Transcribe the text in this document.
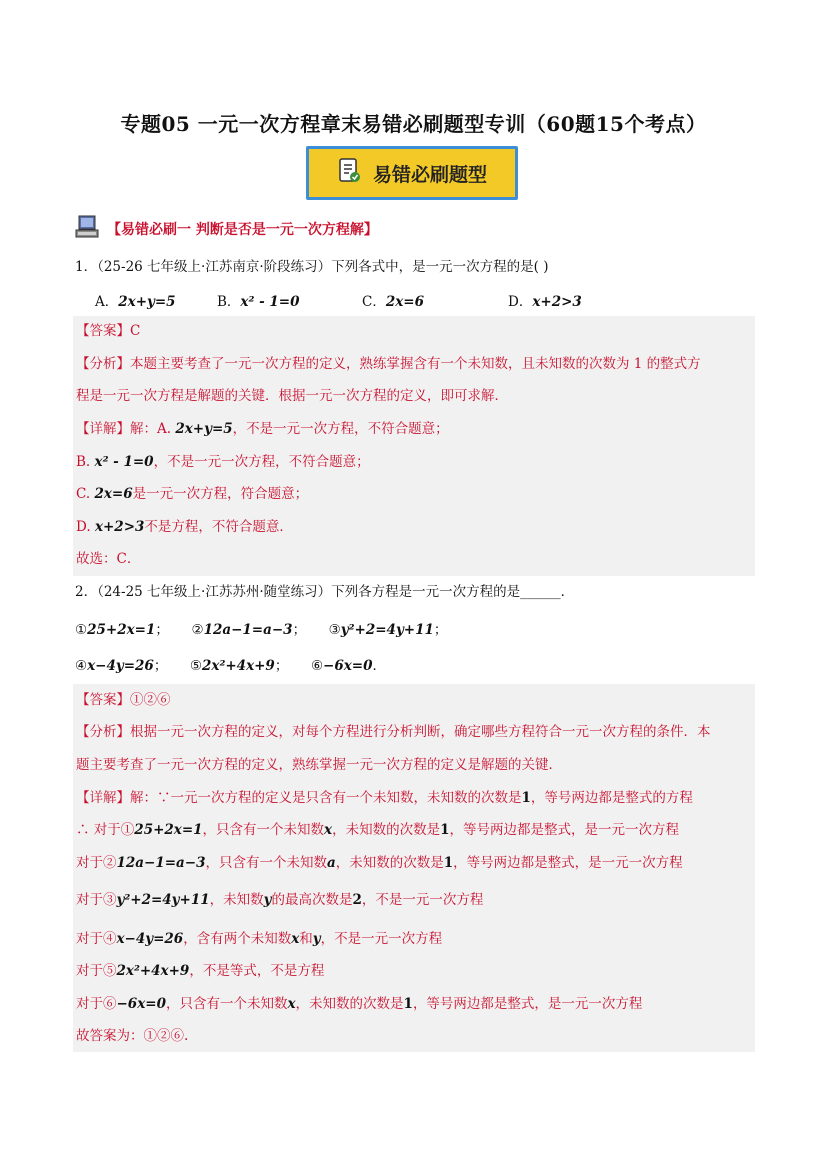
专题05 一元一次方程章末易错必刷题型专训（60题15个考点）
易错必刷题型
【易错必刷一 判断是否是一元一次方程解】
1．（25-26 七年级上·江苏南京·阶段练习）下列各式中，是一元一次方程的是( )
A．2x+y=5	B．x² - 1=0	C．2x=6	D．x+2>3
【答案】C
【分析】本题主要考查了一元一次方程的定义，熟练掌握含有一个未知数，且未知数的次数为 1 的整式方
程是一元一次方程是解题的关键．根据一元一次方程的定义，即可求解．
【详解】解：A. 2x+y=5，不是一元一次方程，不符合题意；
B. x² - 1=0，不是一元一次方程，不符合题意；
C. 2x=6是一元一次方程，符合题意；
D. x+2>3不是方程，不符合题意．
故选：C．
2．（24-25 七年级上·江苏苏州·随堂练习）下列各方程是一元一次方程的是______．
①25+2x=1； ②12a−1=a−3； ③y²+2=4y+11；
④x−4y=26； ⑤2x²+4x+9； ⑥−6x=0．
【答案】①②⑥
【分析】根据一元一次方程的定义，对每个方程进行分析判断，确定哪些方程符合一元一次方程的条件．本
题主要考查了一元一次方程的定义，熟练掌握一元一次方程的定义是解题的关键．
【详解】解：∵一元一次方程的定义是只含有一个未知数，未知数的次数是1，等号两边都是整式的方程
∴ 对于①25+2x=1，只含有一个未知数x，未知数的次数是1，等号两边都是整式，是一元一次方程
对于②12a−1=a−3，只含有一个未知数a，未知数的次数是1，等号两边都是整式，是一元一次方程
对于③y²+2=4y+11，未知数y的最高次数是2，不是一元一次方程
对于④x−4y=26，含有两个未知数x和y，不是一元一次方程
对于⑤2x²+4x+9，不是等式，不是方程
对于⑥−6x=0，只含有一个未知数x，未知数的次数是1，等号两边都是整式，是一元一次方程
故答案为：①②⑥.
